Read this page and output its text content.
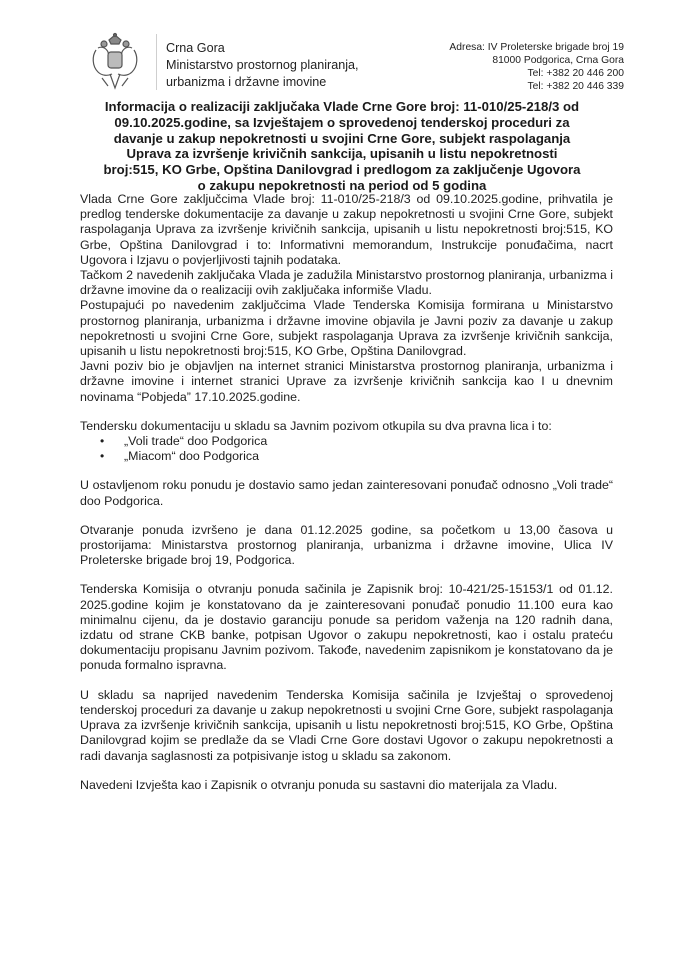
Crna Gora
Ministarstvo prostornog planiranja,
urbanizma i državne imovine
Adresa: IV Proleterske brigade broj 19
81000 Podgorica, Crna Gora
Tel: +382 20 446 200
Tel: +382 20 446 339
Informacija o realizaciji zaključaka Vlade Crne Gore broj: 11-010/25-218/3 od 09.10.2025.godine, sa Izvještajem o sprovedenoj tenderskoj proceduri za davanje u zakup nepokretnosti u svojini Crne Gore, subjekt raspolaganja Uprava za izvršenje krivičnih sankcija, upisanih u listu nepokretnosti broj:515, KO Grbe, Opština Danilovgrad i predlogom za zaključenje Ugovora o zakupu nepokretnosti na period od 5 godina

Vlada Crne Gore zaključcima Vlade broj: 11-010/25-218/3 od 09.10.2025.godine, prihvatila je predlog tenderske dokumentacije za davanje u zakup nepokretnosti u svojini Crne Gore, subjekt raspolaganja Uprava za izvršenje krivičnih sankcija, upisanih u listu nepokretnosti broj:515, KO Grbe, Opština Danilovgrad i to: Informativni memorandum, Instrukcije ponuđačima, nacrt Ugovora i Izjavu o povjerljivosti tajnih podataka.

Tačkom 2 navedenih zaključaka Vlada je zadužila Ministarstvo prostornog planiranja, urbanizma i državne imovine da o realizaciji ovih zaključaka informiše Vladu.

Postupajući po navedenim zaključcima Vlade Tenderska Komisija formirana u Ministarstvo prostornog planiranja, urbanizma i državne imovine objavila je Javni poziv za davanje u zakup nepokretnosti u svojini Crne Gore, subjekt raspolaganja Uprava za izvršenje krivičnih sankcija, upisanih u listu nepokretnosti broj:515, KO Grbe, Opština Danilovgrad.

Javni poziv bio je objavljen na internet stranici Ministarstva prostornog planiranja, urbanizma i državne imovine i internet stranici Uprave za izvršenje krivičnih sankcija kao I u dnevnim novinama “Pobjeda” 17.10.2025.godine.

Tendersku dokumentaciju u skladu sa Javnim pozivom otkupila su dva pravna lica i to:

• „Voli trade“ doo Podgorica
• „Miacom“ doo Podgorica

U ostavljenom roku ponudu je dostavio samo jedan zainteresovani ponuđač odnosno „Voli trade“ doo Podgorica.

Otvaranje ponuda izvršeno je dana 01.12.2025 godine, sa početkom u 13,00 časova u prostorijama: Ministarstva prostornog planiranja, urbanizma i državne imovine, Ulica IV Proleterske brigade broj 19, Podgorica.

Tenderska Komisija o otvranju ponuda sačinila je Zapisnik broj: 10-421/25-15153/1 od 01.12. 2025.godine kojim je konstatovano da je zainteresovani ponuđač ponudio 11.100 eura kao minimalnu cijenu, da je dostavio garanciju ponude sa peridom važenja na 120 radnih dana, izdatu od strane CKB banke, potpisan Ugovor o zakupu nepokretnosti, kao i ostalu prateću dokumentaciju propisanu Javnim pozivom. Takođe, navedenim zapisnikom je konstatovano da je ponuda formalno ispravna.

U skladu sa naprijed navedenim Tenderska Komisija sačinila je Izvještaj o sprovedenoj tenderskoj proceduri za davanje u zakup nepokretnosti u svojini Crne Gore, subjekt raspolaganja Uprava za izvršenje krivičnih sankcija, upisanih u listu nepokretnosti broj:515, KO Grbe, Opština Danilovgrad kojim se predlaže da se Vladi Crne Gore dostavi Ugovor o zakupu nepokretnosti a radi davanja saglasnosti za potpisivanje istog u skladu sa zakonom.

Navedeni Izvješta kao i Zapisnik o otvranju ponuda su sastavni dio materijala za Vladu.
